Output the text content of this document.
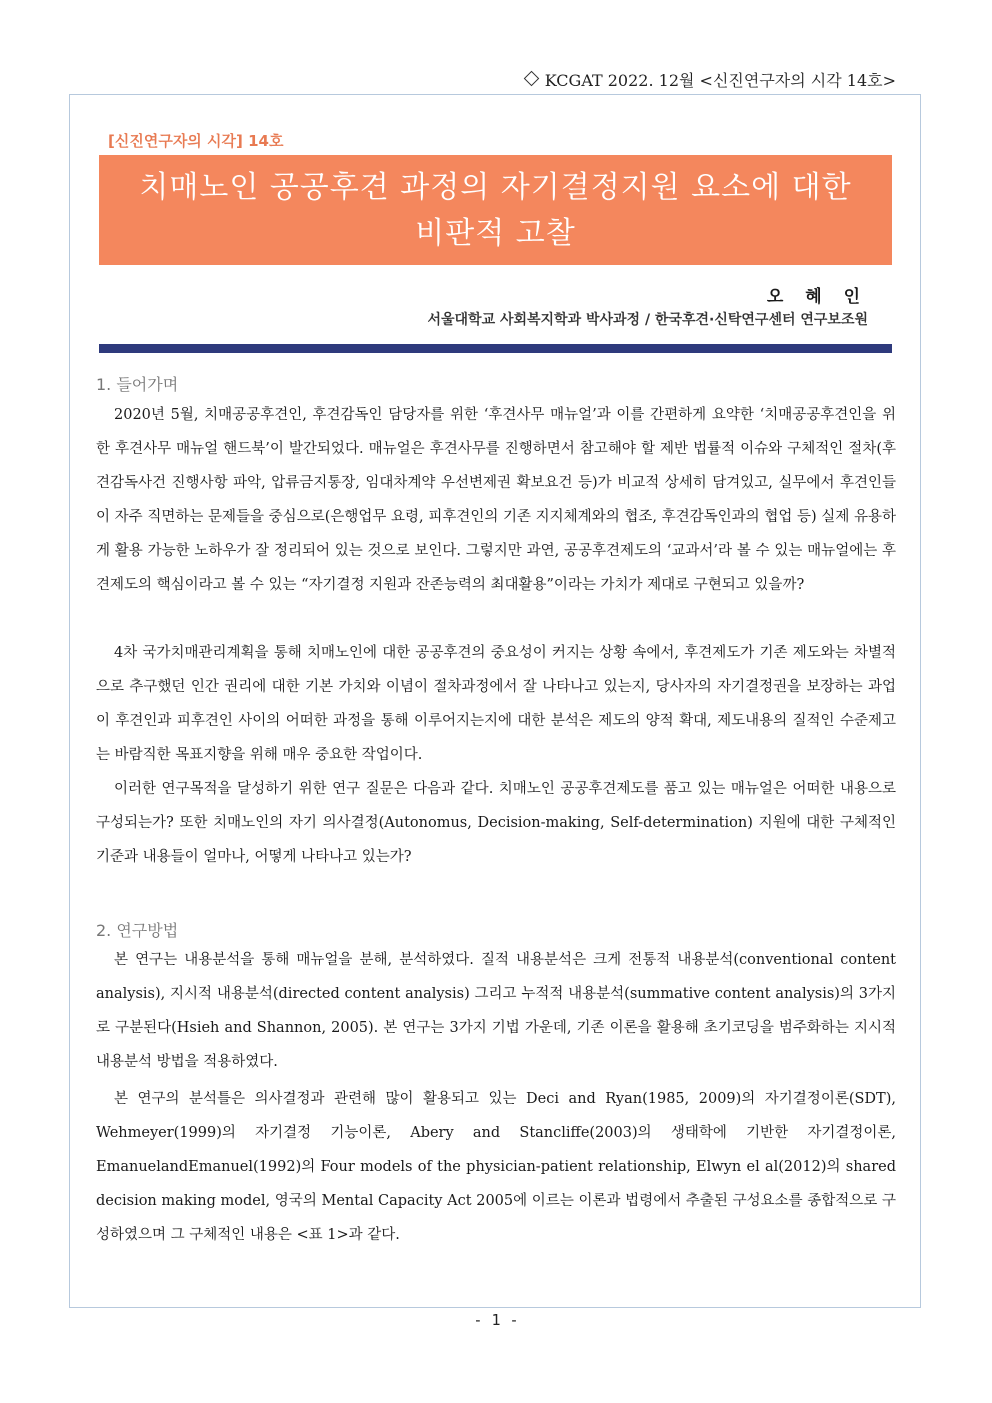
KCGAT 2022. 12월 <신진연구자의 시각 14호>
[신진연구자의 시각] 14호
치매노인 공공후견 과정의 자기결정지원 요소에 대한
비판적 고찰
오 혜 인
서울대학교 사회복지학과 박사과정 / 한국후견·신탁연구센터 연구보조원
1. 들어가며
2020년 5월, 치매공공후견인, 후견감독인 담당자를 위한 ‘후견사무 매뉴얼’과 이를 간편하게 요약한 ‘치매공공후견인을 위한 후견사무 매뉴얼 핸드북’이 발간되었다. 매뉴얼은 후견사무를 진행하면서 참고해야 할 제반 법률적 이슈와 구체적인 절차(후견감독사건 진행사항 파악, 압류금지통장, 임대차계약 우선변제권 확보요건 등)가 비교적 상세히 담겨있고, 실무에서 후견인들이 자주 직면하는 문제들을 중심으로(은행업무 요령, 피후견인의 기존 지지체계와의 협조, 후견감독인과의 협업 등) 실제 유용하게 활용 가능한 노하우가 잘 정리되어 있는 것으로 보인다. 그렇지만 과연, 공공후견제도의 ‘교과서’라 볼 수 있는 매뉴얼에는 후견제도의 핵심이라고 볼 수 있는 “자기결정 지원과 잔존능력의 최대활용”이라는 가치가 제대로 구현되고 있을까?
4차 국가치매관리계획을 통해 치매노인에 대한 공공후견의 중요성이 커지는 상황 속에서, 후견제도가 기존 제도와는 차별적으로 추구했던 인간 권리에 대한 기본 가치와 이념이 절차과정에서 잘 나타나고 있는지, 당사자의 자기결정권을 보장하는 과업이 후견인과 피후견인 사이의 어떠한 과정을 통해 이루어지는지에 대한 분석은 제도의 양적 확대, 제도내용의 질적인 수준제고는 바람직한 목표지향을 위해 매우 중요한 작업이다.
이러한 연구목적을 달성하기 위한 연구 질문은 다음과 같다. 치매노인 공공후견제도를 품고 있는 매뉴얼은 어떠한 내용으로 구성되는가? 또한 치매노인의 자기 의사결정(Autonomus, Decision-making, Self-determination) 지원에 대한 구체적인 기준과 내용들이 얼마나, 어떻게 나타나고 있는가?
2. 연구방법
본 연구는 내용분석을 통해 매뉴얼을 분해, 분석하였다. 질적 내용분석은 크게 전통적 내용분석(conventional content analysis), 지시적 내용분석(directed content analysis) 그리고 누적적 내용분석(summative content analysis)의 3가지로 구분된다(Hsieh and Shannon, 2005). 본 연구는 3가지 기법 가운데, 기존 이론을 활용해 초기코딩을 범주화하는 지시적 내용분석 방법을 적용하였다.
본 연구의 분석틀은 의사결정과 관련해 많이 활용되고 있는 Deci and Ryan(1985, 2009)의 자기결정이론(SDT), Wehmeyer(1999)의 자기결정 기능이론, Abery and Stancliffe(2003)의 생태학에 기반한 자기결정이론, EmanuelandEmanuel(1992)의 Four models of the physician-patient relationship, Elwyn el al(2012)의 shared decision making model, 영국의 Mental Capacity Act 2005에 이르는 이론과 법령에서 추출된 구성요소를 종합적으로 구성하였으며 그 구체적인 내용은 <표 1>과 같다.
- 1 -
